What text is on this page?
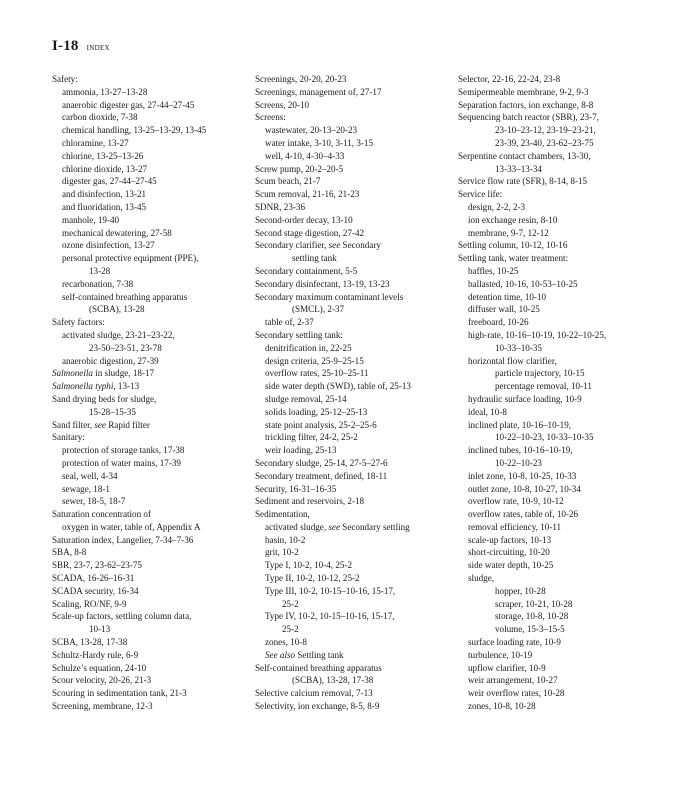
I-18 INDEX
Safety:
ammonia, 13-27–13-28
anaerobic digester gas, 27-44–27-45
carbon dioxide, 7-38
chemical handling, 13-25–13-29, 13-45
chloramine, 13-27
chlorine, 13-25–13-26
chlorine dioxide, 13-27
digester gas, 27-44–27-45
and disinfection, 13-21
and fluoridation, 13-45
manhole, 19-40
mechanical dewatering, 27-58
ozone disinfection, 13-27
personal protective equipment (PPE),
13-28
recarbonation, 7-38
self-contained breathing apparatus
(SCBA), 13-28
Safety factors:
activated sludge, 23-21–23-22,
23-50–23-51, 23-78
anaerobic digestion, 27-39
Salmonella in sludge, 18-17
Salmonella typhi, 13-13
Sand drying beds for sludge,
15-28–15-35
Sand filter, see Rapid filter
Sanitary:
protection of storage tanks, 17-38
protection of water mains, 17-39
seal, well, 4-34
sewage, 18-1
sewer, 18-5, 18-7
Saturation concentration of
oxygen in water, table of, Appendix A
Saturation index, Langelier, 7-34–7-36
SBA, 8-8
SBR, 23-7, 23-62–23-75
SCADA, 16-26–16-31
SCADA security, 16-34
Scaling, RO/NF, 9-9
Scale-up factors, settling column data,
10-13
SCBA, 13-28, 17-38
Schultz-Hardy rule, 6-9
Schulze’s equation, 24-10
Scour velocity, 20-26, 21-3
Scouring in sedimentation tank, 21-3
Screening, membrane, 12-3
Screenings, 20-20, 20-23
Screenings, management of, 27-17
Screens, 20-10
Screens:
wastewater, 20-13–20-23
water intake, 3-10, 3-11, 3-15
well, 4-10, 4-30–4-33
Screw pump, 20-2–20-5
Scum beach, 21-7
Scum removal, 21-16, 21-23
SDNR, 23-36
Second-order decay, 13-10
Second stage digestion, 27-42
Secondary clarifier, see Secondary
settling tank
Secondary containment, 5-5
Secondary disinfectant, 13-19, 13-23
Secondary maximum contaminant levels
(SMCL), 2-37
table of, 2-37
Secondary settling tank:
denitrification in, 22-25
design criteria, 25-9–25-15
overflow rates, 25-10–25-11
side water depth (SWD), table of, 25-13
sludge removal, 25-14
solids loading, 25-12–25-13
state point analysis, 25-2–25-6
trickling filter, 24-2, 25-2
weir loading, 25-13
Secondary sludge, 25-14, 27-5–27-6
Secondary treatment, defined, 18-11
Security, 16-31–16-35
Sediment and reservoirs, 2-18
Sedimentation,
activated sludge, see Secondary settling
basin, 10-2
grit, 10-2
Type I, 10-2, 10-4, 25-2
Type II, 10-2, 10-12, 25-2
Type III, 10-2, 10-15–10-16, 15-17,
25-2
Type IV, 10-2, 10-15–10-16, 15-17,
25-2
zones, 10-8
See also Settling tank
Self-contained breathing apparatus
(SCBA), 13-28, 17-38
Selective calcium removal, 7-13
Selectivity, ion exchange, 8-5, 8-9
Selector, 22-16, 22-24, 23-8
Semipermeable membrane, 9-2, 9-3
Separation factors, ion exchange, 8-8
Sequencing batch reactor (SBR), 23-7,
23-10–23-12, 23-19–23-21,
23-39, 23-40, 23-62–23-75
Serpentine contact chambers, 13-30,
13-33–13-34
Service flow rate (SFR), 8-14, 8-15
Service life:
design, 2-2, 2-3
ion exchange resin, 8-10
membrane, 9-7, 12-12
Settling column, 10-12, 10-16
Settling tank, water treatment:
baffles, 10-25
ballasted, 10-16, 10-53–10-25
detention time, 10-10
diffuser wall, 10-25
freeboard, 10-26
high-rate, 10-16–10-19, 10-22–10-25,
10-33–10-35
horizontal flow clarifier,
particle trajectory, 10-15
percentage removal, 10-11
hydraulic surface loading, 10-9
ideal, 10-8
inclined plate, 10-16–10-19,
10-22–10-23, 10-33–10-35
inclined tubes, 10-16–10-19,
10-22–10-23
inlet zone, 10-8, 10-25, 10-33
outlet zone, 10-8, 10-27, 10-34
overflow rate, 10-9, 10-12
overflow rates, table of, 10-26
removal efficiency, 10-11
scale-up factors, 10-13
short-circuiting, 10-20
side water depth, 10-25
sludge,
hopper, 10-28
scraper, 10-21, 10-28
storage, 10-8, 10-28
volume, 15-3–15-5
surface loading rate, 10-9
turbulence, 10-19
upflow clarifier, 10-9
weir arrangement, 10-27
weir overflow rates, 10-28
zones, 10-8, 10-28
